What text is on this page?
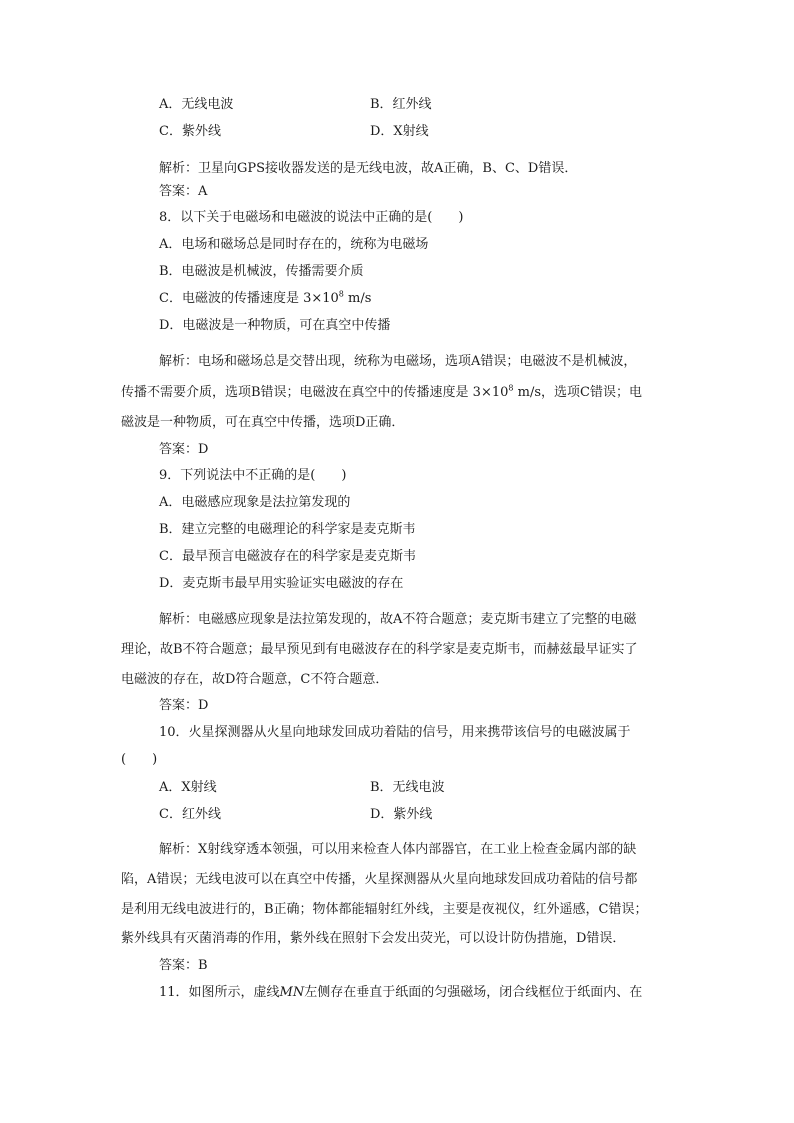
A．无线电波	B．红外线
C．紫外线	D．X射线
解析：卫星向GPS接收器发送的是无线电波，故A正确，B、C、D错误．
答案：A
8．以下关于电磁场和电磁波的说法中正确的是(　　)
A．电场和磁场总是同时存在的，统称为电磁场
B．电磁波是机械波，传播需要介质
C．电磁波的传播速度是 $3\times 10^8$ m/s
D．电磁波是一种物质，可在真空中传播
解析：电场和磁场总是交替出现，统称为电磁场，选项A错误；电磁波不是机械波，
传播不需要介质，选项B错误；电磁波在真空中的传播速度是 $3\times 10^8$ m/s，选项C错误；电
磁波是一种物质，可在真空中传播，选项D正确．
答案：D
9．下列说法中不正确的是(　　)
A．电磁感应现象是法拉第发现的
B．建立完整的电磁理论的科学家是麦克斯韦
C．最早预言电磁波存在的科学家是麦克斯韦
D．麦克斯韦最早用实验证实电磁波的存在
解析：电磁感应现象是法拉第发现的，故A不符合题意；麦克斯韦建立了完整的电磁
理论，故B不符合题意；最早预见到有电磁波存在的科学家是麦克斯韦，而赫兹最早证实了
电磁波的存在，故D符合题意，C不符合题意．
答案：D
10．火星探测器从火星向地球发回成功着陆的信号，用来携带该信号的电磁波属于
(　　)
A．X射线	B．无线电波
C．红外线	D．紫外线
解析：X射线穿透本领强，可以用来检查人体内部器官，在工业上检查金属内部的缺
陷，A错误；无线电波可以在真空中传播，火星探测器从火星向地球发回成功着陆的信号都
是利用无线电波进行的，B正确；物体都能辐射红外线，主要是夜视仪，红外遥感，C错误；
紫外线具有灭菌消毒的作用，紫外线在照射下会发出荧光，可以设计防伪措施，D错误．
答案：B
11．如图所示，虚线MN左侧存在垂直于纸面的匀强磁场，闭合线框位于纸面内、在
